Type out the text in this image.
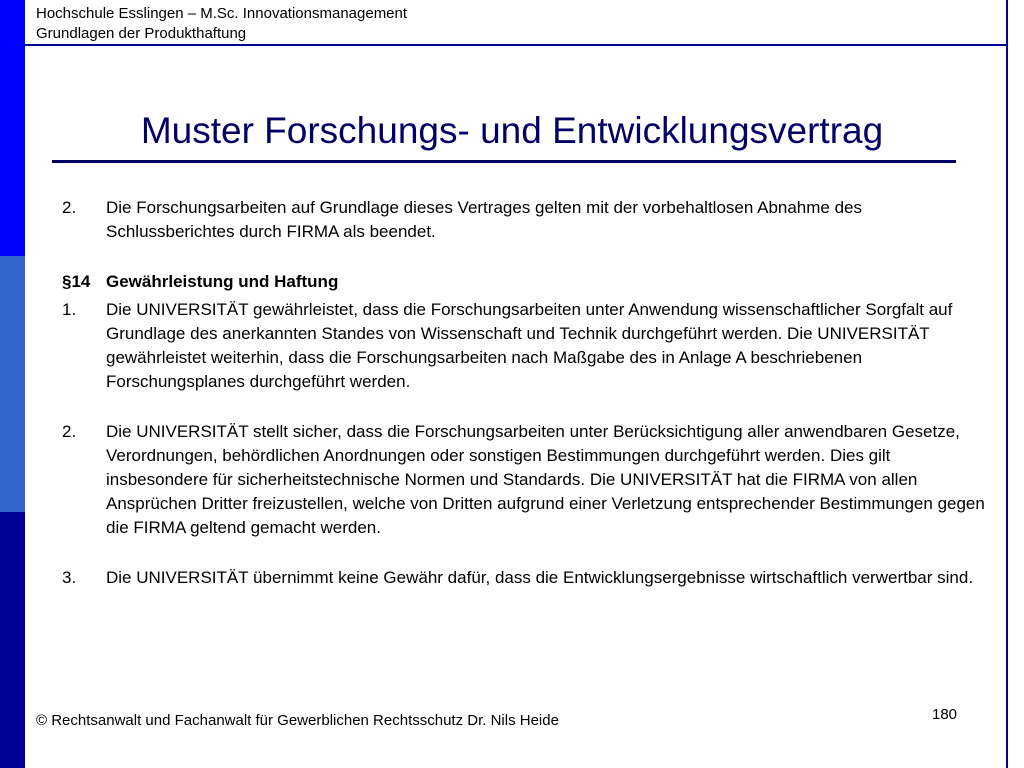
Hochschule Esslingen – M.Sc. Innovationsmanagement
Grundlagen der Produkthaftung
Muster Forschungs- und Entwicklungsvertrag
2.	Die Forschungsarbeiten auf Grundlage dieses Vertrages gelten mit der vorbehaltlosen Abnahme des Schlussberichtes durch FIRMA als beendet.
§14 Gewährleistung und Haftung
1.	Die UNIVERSITÄT gewährleistet, dass die Forschungsarbeiten unter Anwendung wissenschaftlicher Sorgfalt auf Grundlage des anerkannten Standes von Wissenschaft und Technik durchgeführt werden. Die UNIVERSITÄT gewährleistet weiterhin, dass die Forschungsarbeiten nach Maßgabe des in Anlage A beschriebenen Forschungsplanes durchgeführt werden.
2.	Die UNIVERSITÄT stellt sicher, dass die Forschungsarbeiten unter Berücksichtigung aller anwendbaren Gesetze, Verordnungen, behördlichen Anordnungen oder sonstigen Bestimmungen durchgeführt werden. Dies gilt insbesondere für sicherheitstechnische Normen und Standards. Die UNIVERSITÄT hat die FIRMA von allen Ansprüchen Dritter freizustellen, welche von Dritten aufgrund einer Verletzung entsprechender Bestimmungen gegen die FIRMA geltend gemacht werden.
3.	Die UNIVERSITÄT übernimmt keine Gewähr dafür, dass die Entwicklungsergebnisse wirtschaftlich verwertbar sind.
180
© Rechtsanwalt und Fachanwalt für Gewerblichen Rechtsschutz Dr. Nils Heide
